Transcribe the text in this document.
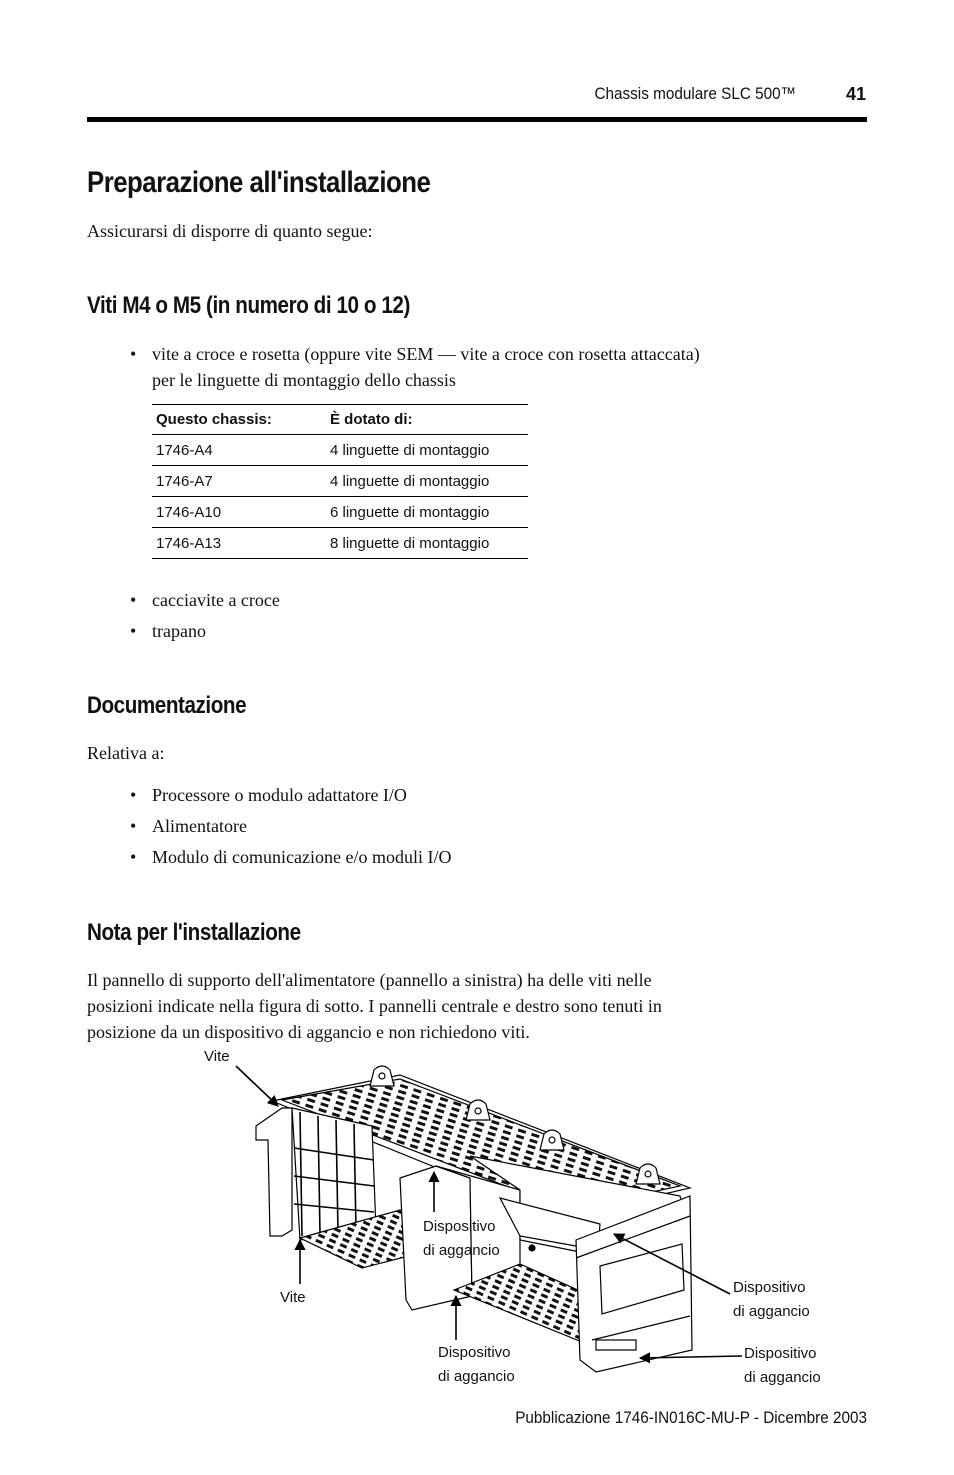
Chassis modulare SLC 500™	41
Preparazione all'installazione
Assicurarsi di disporre di quanto segue:
Viti M4 o M5 (in numero di 10 o 12)
• vite a croce e rosetta (oppure vite SEM — vite a croce con rosetta attaccata)
per le linguette di montaggio dello chassis
Questo chassis:	È dotato di:
1746-A4	4 linguette di montaggio
1746-A7	4 linguette di montaggio
1746-A10	6 linguette di montaggio
1746-A13	8 linguette di montaggio
• cacciavite a croce
• trapano
Documentazione
Relativa a:
• Processore o modulo adattatore I/O
• Alimentatore
• Modulo di comunicazione e/o moduli I/O
Nota per l'installazione
Il pannello di supporto dell'alimentatore (pannello a sinistra) ha delle viti nelle
posizioni indicate nella figura di sotto. I pannelli centrale e destro sono tenuti in
posizione da un dispositivo di aggancio e non richiedono viti.
Vite
Vite
Dispositivo
di aggancio
Dispositivo
di aggancio
Dispositivo
di aggancio
Dispositivo
di aggancio
Pubblicazione 1746-IN016C-MU-P - Dicembre 2003
